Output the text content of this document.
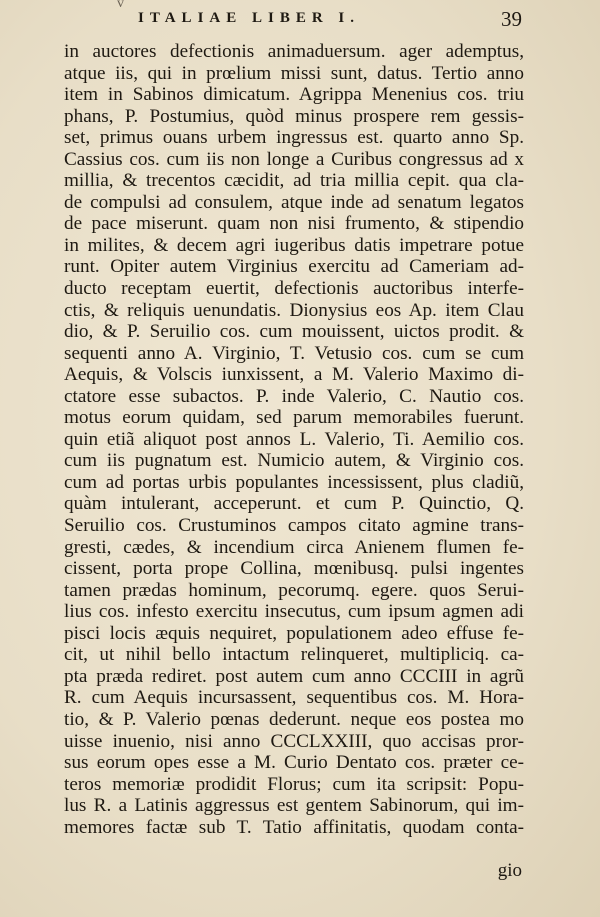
v
ITALIAE LIBER I.	39
in auctores defectionis animaduersum. ager ademptus,
atque iis, qui in prœlium missi sunt, datus. Tertio anno
item in Sabinos dimicatum. Agrippa Menenius cos. triu
phans, P. Postumius, quòd minus prospere rem gessis-
set, primus ouans urbem ingressus est. quarto anno Sp.
Cassius cos. cum iis non longe a Curibus congressus ad x
millia, & trecentos cæcidit, ad tria millia cepit. qua cla-
de compulsi ad consulem, atque inde ad senatum legatos
de pace miserunt. quam non nisi frumento, & stipendio
in milites, & decem agri iugeribus datis impetrare potue
runt. Opiter autem Virginius exercitu ad Cameriam ad-
ducto receptam euertit, defectionis auctoribus interfe-
ctis, & reliquis uenundatis. Dionysius eos Ap. item Clau
dio, & P. Seruilio cos. cum mouissent, uictos prodit. &
sequenti anno A. Virginio, T. Vetusio cos. cum se cum
Aequis, & Volscis iunxissent, a M. Valerio Maximo di-
ctatore esse subactos. P. inde Valerio, C. Nautio cos.
motus eorum quidam, sed parum memorabiles fuerunt.
quin etiã aliquot post annos L. Valerio, Ti. Aemilio cos.
cum iis pugnatum est. Numicio autem, & Virginio cos.
cum ad portas urbis populantes incessissent, plus cladiũ,
quàm intulerant, acceperunt. et cum P. Quinctio, Q.
Seruilio cos. Crustuminos campos citato agmine trans-
gresti, cædes, & incendium circa Anienem flumen fe-
cissent, porta prope Collina, mœnibusq. pulsi ingentes
tamen prædas hominum, pecorumq. egere. quos Serui-
lius cos. infesto exercitu insecutus, cum ipsum agmen adi
pisci locis æquis nequiret, populationem adeo effuse fe-
cit, ut nihil bello intactum relinqueret, multipliciq. ca-
pta præda rediret. post autem cum anno CCCIII in agrũ
R. cum Aequis incursassent, sequentibus cos. M. Hora-
tio, & P. Valerio pœnas dederunt. neque eos postea mo
uisse inuenio, nisi anno CCCLXXIII, quo accisas pror-
sus eorum opes esse a M. Curio Dentato cos. præter ce-
teros memoriæ prodidit Florus; cum ita scripsit: Popu-
lus R. a Latinis aggressus est gentem Sabinorum, qui im-
memores factæ sub T. Tatio affinitatis, quodam conta-
gio
